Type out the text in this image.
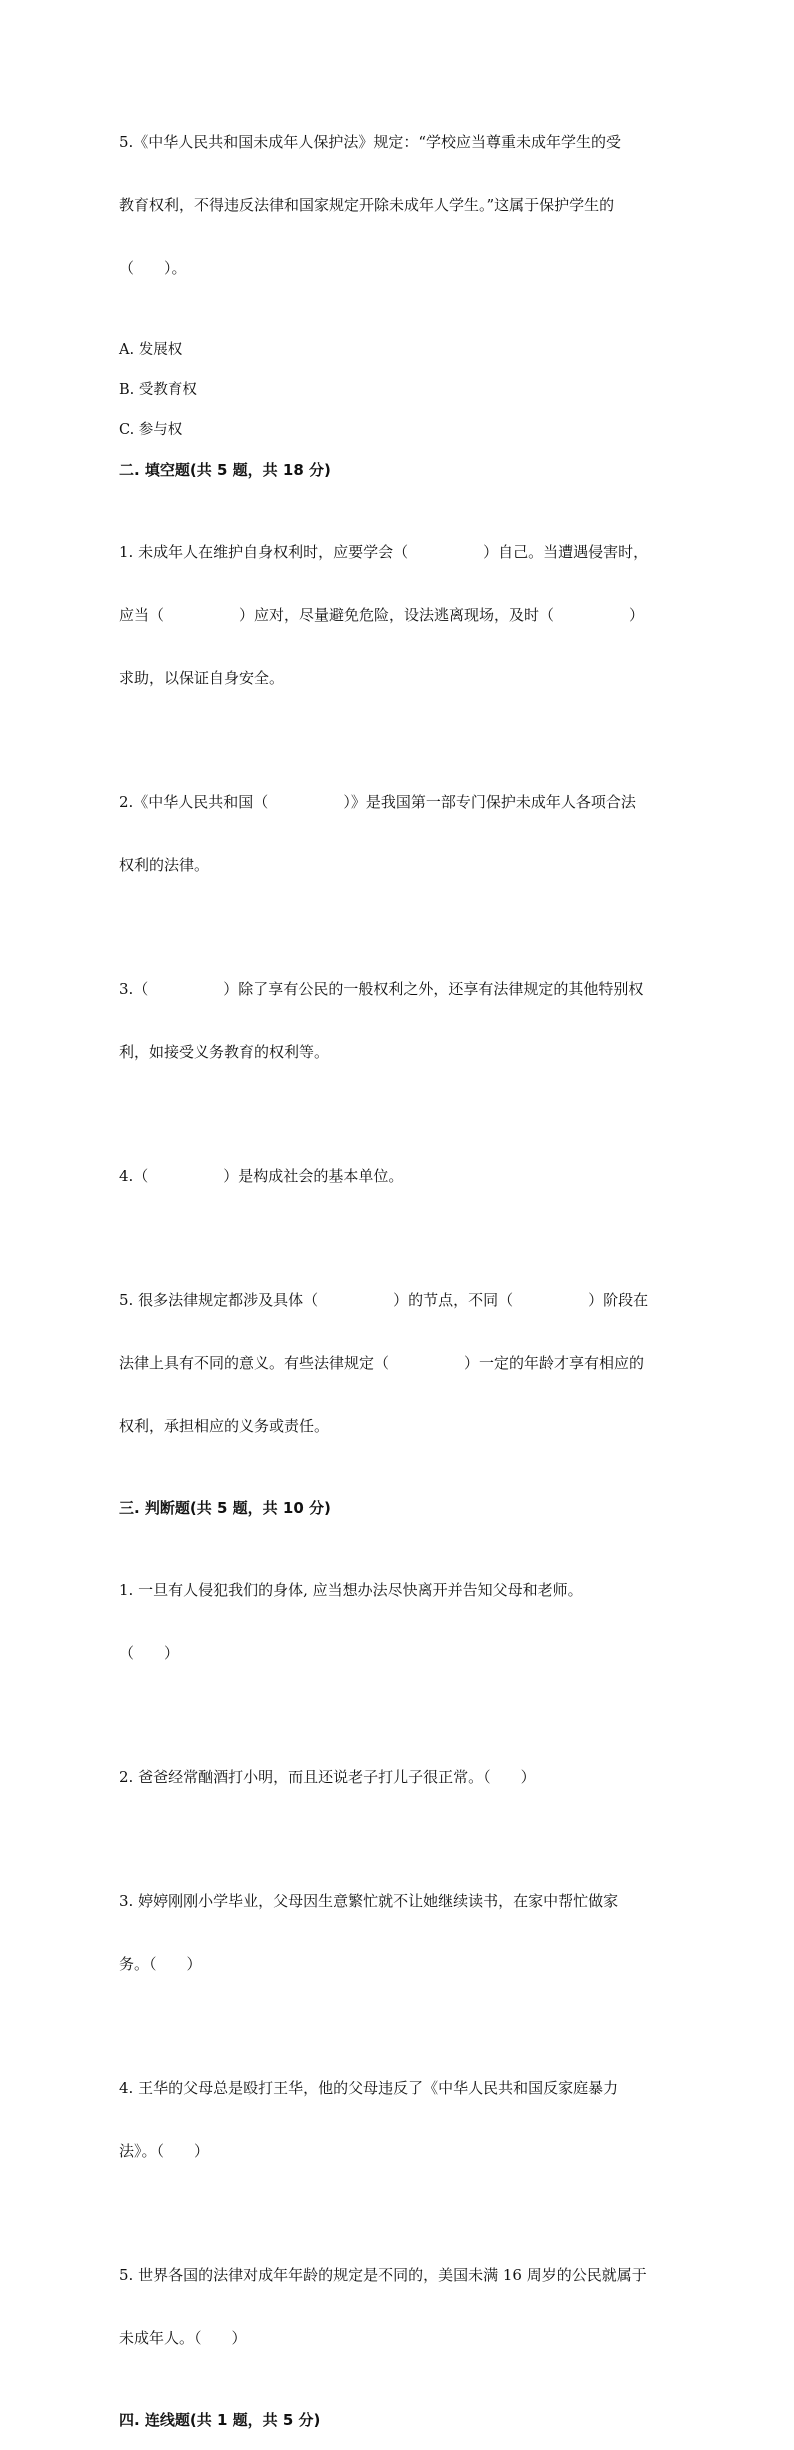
5.《中华人民共和国未成年人保护法》规定：“学校应当尊重未成年学生的受

教育权利，不得违反法律和国家规定开除未成年人学生。”这属于保护学生的

（　　）。

A. 发展权
B. 受教育权
C. 参与权
二. 填空题(共 5 题，共 18 分)

1. 未成年人在维护自身权利时，应要学会（　　　　　）自己。当遭遇侵害时，

应当（　　　　　）应对，尽量避免危险，设法逃离现场，及时（　　　　　）

求助，以保证自身安全。

2.《中华人民共和国（　　　　　）》是我国第一部专门保护未成年人各项合法

权利的法律。

3.（　　　　　）除了享有公民的一般权利之外，还享有法律规定的其他特别权

利，如接受义务教育的权利等。

4.（　　　　　）是构成社会的基本单位。

5. 很多法律规定都涉及具体（　　　　　）的节点，不同（　　　　　）阶段在

法律上具有不同的意义。有些法律规定（　　　　　）一定的年龄才享有相应的

权利，承担相应的义务或责任。

三. 判断题(共 5 题，共 10 分)

1. 一旦有人侵犯我们的身体, 应当想办法尽快离开并告知父母和老师。

（　　）

2. 爸爸经常酗酒打小明，而且还说老子打儿子很正常。（　　）

3. 婷婷刚刚小学毕业，父母因生意繁忙就不让她继续读书，在家中帮忙做家

务。（　　）

4. 王华的父母总是殴打王华，他的父母违反了《中华人民共和国反家庭暴力

法》。（　　）

5. 世界各国的法律对成年年龄的规定是不同的，美国未满 16 周岁的公民就属于

未成年人。（　　）

四. 连线题(共 1 题，共 5 分)
